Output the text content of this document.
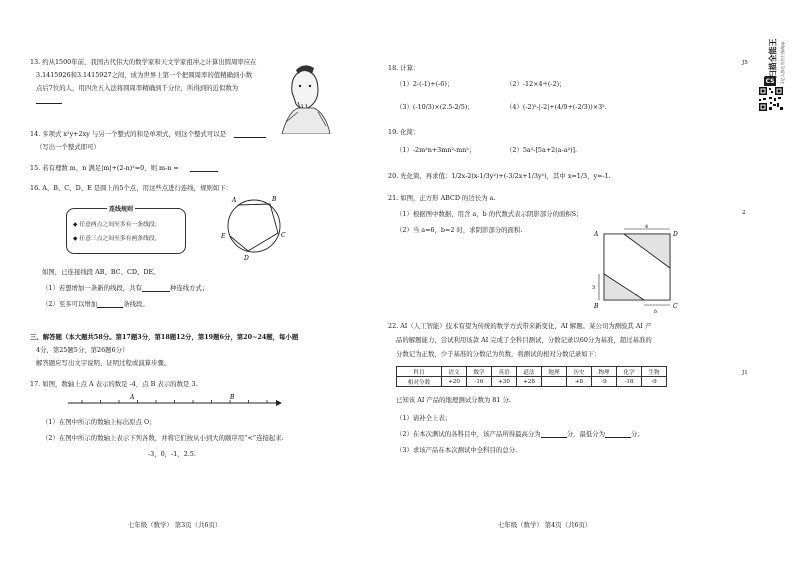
13. 约从1500年前，我国古代伟大的数学家和天文学家祖冲之计算出圆周率应在
3.1415926和3.1415927之间，成为世界上第一个把圆周率的值精确到小数
点后7位的人，用四舍五入法将圆周率精确到千分位，所得到的近似数为
14. 多项式 x²y+2xy 与另一个整式的和是单项式，则这个整式可以是
（写出一个整式即可）
15. 若有理数 m，n 满足|m|+(2-n)²=0，则 m-n =
16. A、B、C、D、E 是圆上的5个点，用这些点进行连线，规则如下：
连线规则
◆ 任意两点之间至多有一条线段；
◆ 任意三点之间至多有两条线段。
A	B
C
D
E
如图，已连接线段 AB、BC、CD、DE。
（1）若想增加一条新的线段，共有	种连线方式；
（2）至多可以增加	条线段。
三、解答题（本大题共58分。第17题3分，第18题12分，第19题6分，第20~24题，每小题
4分，第25题5分，第26题6分）
解答题应写出文字说明、证明过程或演算步骤。
17. 如图，数轴上点 A 表示的数是 -4，点 B 表示的数是 3.
A	B
（1）在图中所示的数轴上标出原点 O；
（2）在图中所示的数轴上表示下列各数，并将它们按从小到大的顺序用“<”连接起来.
-3，0，-1，2.5.
七年级（数学） 第3页（共6页）
18. 计算：
（1）2-(-1)+(-6)；	（2）-12×4÷(-2)；
（3）(-10/3)×(2.5-2/5)；	（4）(-2)²-|-2|+(4/9+(-2/3))×3².
19. 化简：
（1）-2m²n+3mn²-mn²；	（2）5a²-[5a+2(a-a²)].
20. 先化简，再求值：1/2x-2(x-1/3y²)+(-3/2x+1/3y²)，其中 x=1/3，y=-1.
21. 如图，正方形 ABCD 的边长为 a.
（1）根据图中数据，用含 a，b 的代数式表示阴影部分的面积S；
（2）当 a=6，b=2 时，求阴影部分的面积.
A	D
B	C
4
3
b
22. AI（人工智能）技术有望为传统的数学方式带来新变化，AI 解题。某公司为测验其 AI 产
品的解题能力，尝试利用该款 AI 完成了全科目测试，分数记录以60分为基准，超过基准的
分数记为正数，少于基准的分数记为负数，将测试的相对分数记录如下：
科目	语文	数学	英语	道法	地理	历史	物理	化学	生物
相对分数	+20	-16	+30	+28		+8	-9	-18	-9
已知该 AI 产品的地理测试分数为 81 分.
（1）请补全上表；
（2）在本次测试的各科目中，该产品所得最高分为	分，最低分为	分；
（3）求该产品在本次测试中全科目的总分.
七年级（数学） 第4页（共6页）
J5
2
J1
CS
扫描全能王 3亿人都在用的扫描App
